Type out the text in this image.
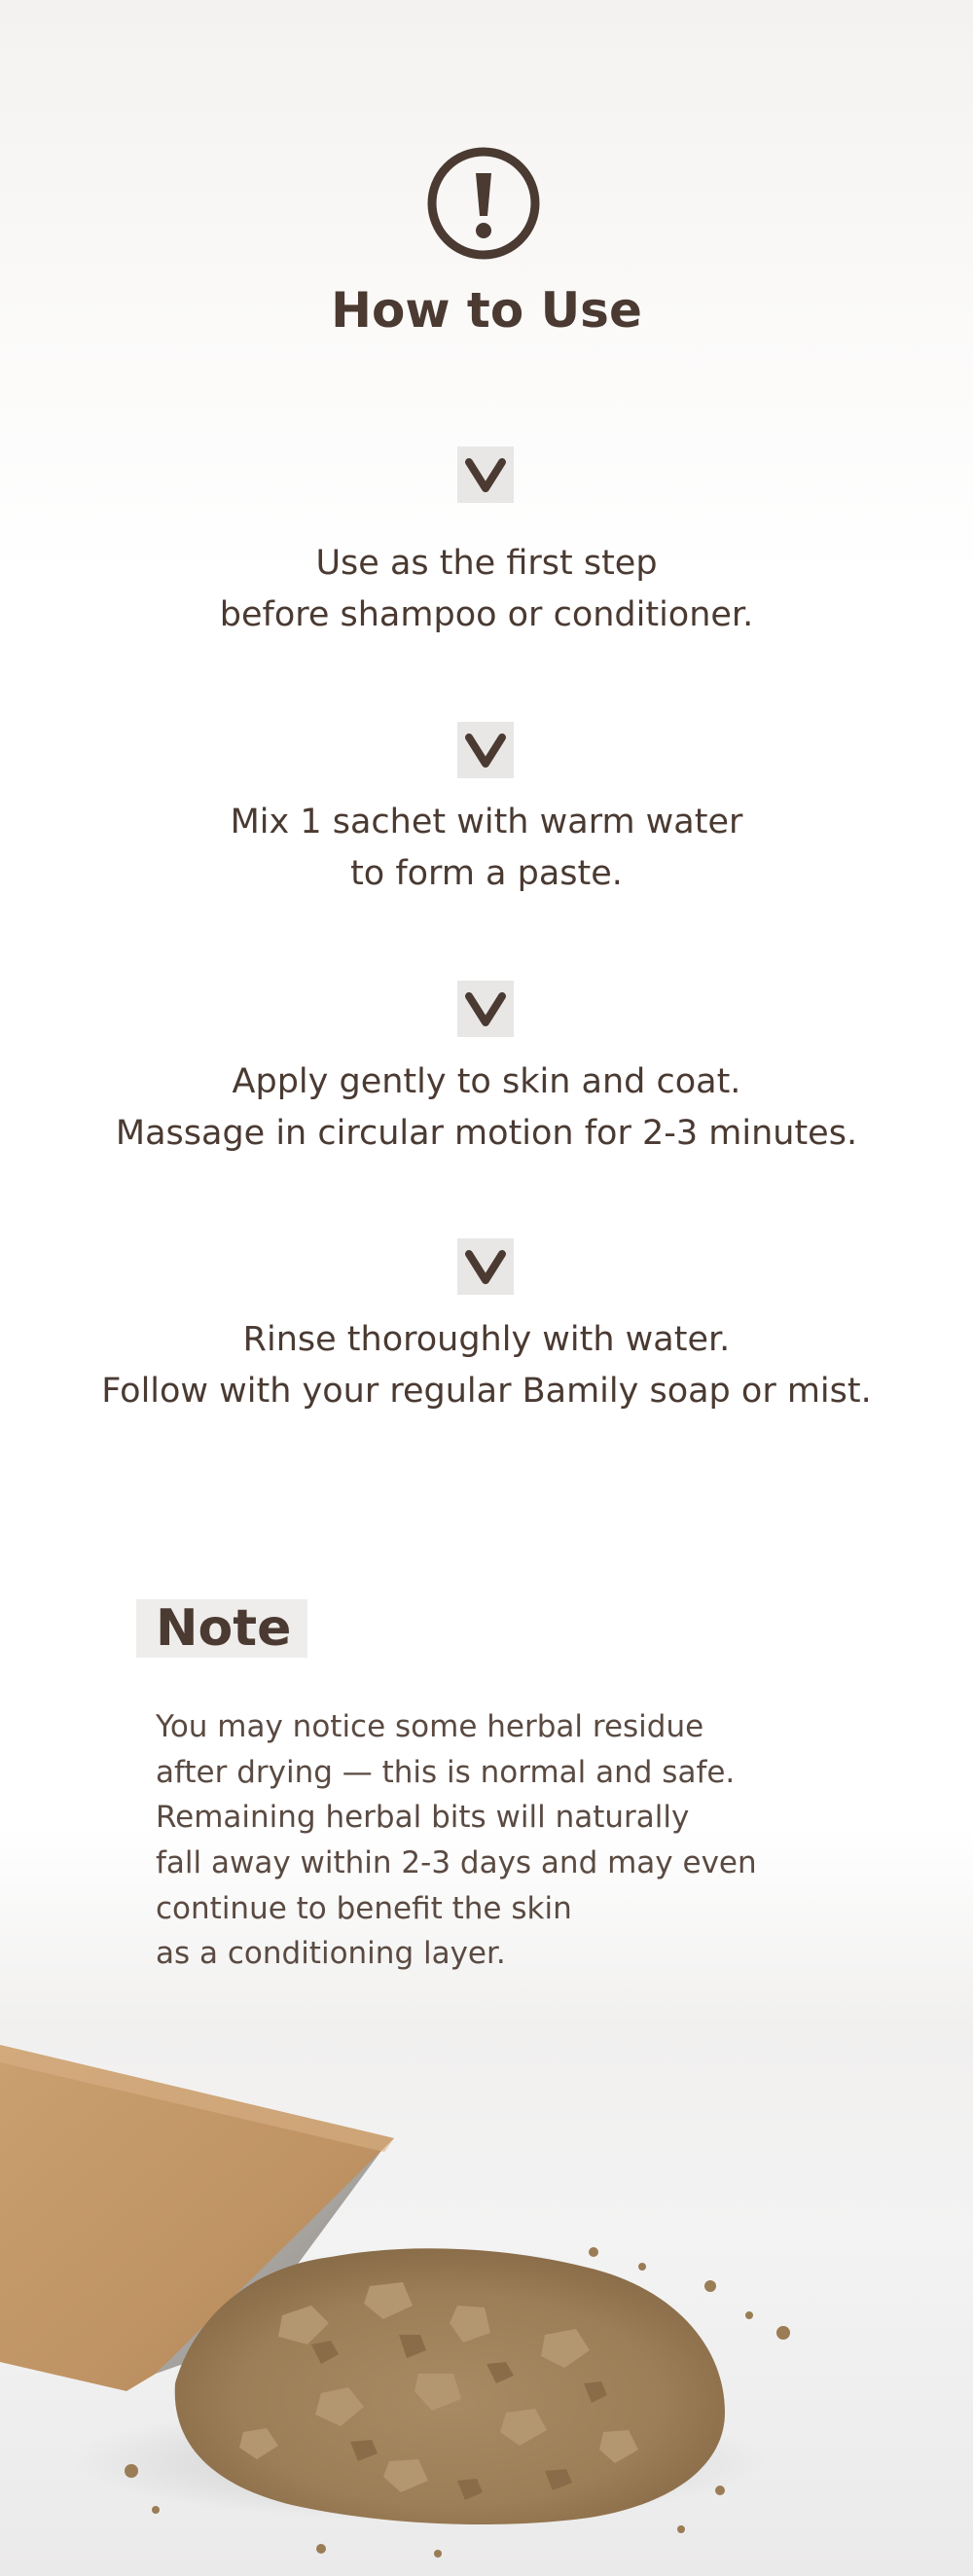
How to Use
Use as the first step
before shampoo or conditioner.
Mix 1 sachet with warm water
to form a paste.
Apply gently to skin and coat.
Massage in circular motion for 2-3 minutes.
Rinse thoroughly with water.
Follow with your regular Bamily soap or mist.
Note
You may notice some herbal residue
after drying — this is normal and safe.
Remaining herbal bits will naturally
fall away within 2-3 days and may even
continue to benefit the skin
as a conditioning layer.
